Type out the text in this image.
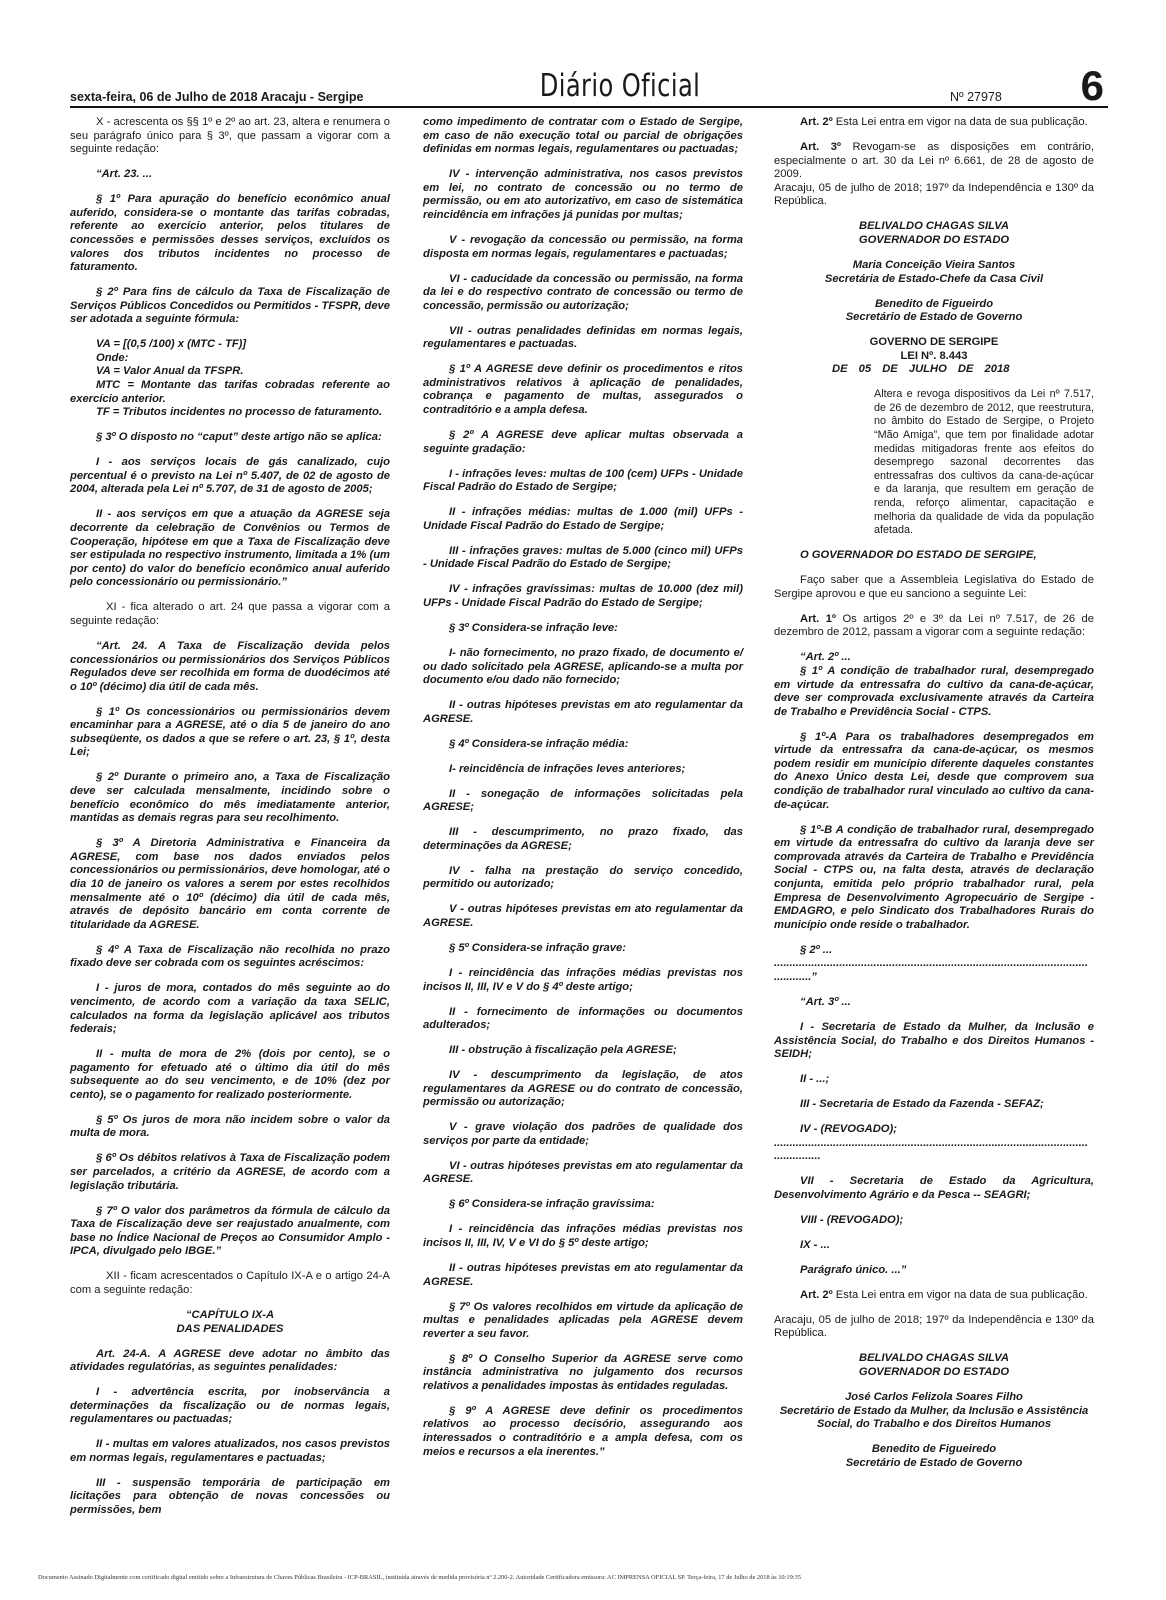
sexta-feira, 06 de Julho de 2018 Aracaju - Sergipe	Diário Oficial	Nº 27978 6

X - acrescenta os §§ 1º e 2º ao art. 23, altera e renumera o seu parágrafo único para § 3º, que passam a vigorar com a seguinte redação:

“Art. 23. ...

§ 1º Para apuração do benefício econômico anual auferido, considera-se o montante das tarifas cobradas, referente ao exercício anterior, pelos titulares de concessões e permissões desses serviços, excluídos os valores dos tributos incidentes no processo de faturamento.

§ 2º Para fins de cálculo da Taxa de Fiscalização de Serviços Públicos Concedidos ou Permitidos - TFSPR, deve ser adotada a seguinte fórmula:

VA = [(0,5 /100) x (MTC - TF)]

Onde:

VA = Valor Anual da TFSPR.

MTC = Montante das tarifas cobradas referente ao exercício anterior.

TF = Tributos incidentes no processo de faturamento.

§ 3º O disposto no “caput” deste artigo não se aplica:

I - aos serviços locais de gás canalizado, cujo percentual é o previsto na Lei nº 5.407, de 02 de agosto de 2004, alterada pela Lei nº 5.707, de 31 de agosto de 2005;

II - aos serviços em que a atuação da AGRESE seja decorrente da celebração de Convênios ou Termos de Cooperação, hipótese em que a Taxa de Fiscalização deve ser estipulada no respectivo instrumento, limitada a 1% (um por cento) do valor do benefício econômico anual auferido pelo concessionário ou permissionário.”

XI - fica alterado o art. 24 que passa a vigorar com a seguinte redação:

“Art. 24. A Taxa de Fiscalização devida pelos concessionários ou permissionários dos Serviços Públicos Regulados deve ser recolhida em forma de duodécimos até o 10º (décimo) dia útil de cada mês.

§ 1º Os concessionários ou permissionários devem encaminhar para a AGRESE, até o dia 5 de janeiro do ano subseqüente, os dados a que se refere o art. 23, § 1º, desta Lei;

§ 2º Durante o primeiro ano, a Taxa de Fiscalização deve ser calculada mensalmente, incidindo sobre o benefício econômico do mês imediatamente anterior, mantidas as demais regras para seu recolhimento.

§ 3º A Diretoria Administrativa e Financeira da AGRESE, com base nos dados enviados pelos concessionários ou permissionários, deve homologar, até o dia 10 de janeiro os valores a serem por estes recolhidos mensalmente até o 10º (décimo) dia útil de cada mês, através de depósito bancário em conta corrente de titularidade da AGRESE.

§ 4º A Taxa de Fiscalização não recolhida no prazo fixado deve ser cobrada com os seguintes acréscimos:

I - juros de mora, contados do mês seguinte ao do vencimento, de acordo com a variação da taxa SELIC, calculados na forma da legislação aplicável aos tributos federais;

II - multa de mora de 2% (dois por cento), se o pagamento for efetuado até o último dia útil do mês subsequente ao do seu vencimento, e de 10% (dez por cento), se o pagamento for realizado posteriormente.

§ 5º Os juros de mora não incidem sobre o valor da multa de mora.

§ 6º Os débitos relativos à Taxa de Fiscalização podem ser parcelados, a critério da AGRESE, de acordo com a legislação tributária.

§ 7º O valor dos parâmetros da fórmula de cálculo da Taxa de Fiscalização deve ser reajustado anualmente, com base no Índice Nacional de Preços ao Consumidor Amplo - IPCA, divulgado pelo IBGE.”

XII - ficam acrescentados o Capítulo IX-A e o artigo 24-A com a seguinte redação:

“CAPÍTULO IX-A

DAS PENALIDADES

Art. 24-A. A AGRESE deve adotar no âmbito das atividades regulatórias, as seguintes penalidades:

I - advertência escrita, por inobservância a determinações da fiscalização ou de normas legais, regulamentares ou pactuadas;

II - multas em valores atualizados, nos casos previstos em normas legais, regulamentares e pactuadas;

III - suspensão temporária de participação em licitações para obtenção de novas concessões ou permissões, bem

como impedimento de contratar com o Estado de Sergipe, em caso de não execução total ou parcial de obrigações definidas em normas legais, regulamentares ou pactuadas;

IV - intervenção administrativa, nos casos previstos em lei, no contrato de concessão ou no termo de permissão, ou em ato autorizativo, em caso de sistemática reincidência em infrações já punidas por multas;

V - revogação da concessão ou permissão, na forma disposta em normas legais, regulamentares e pactuadas;

VI - caducidade da concessão ou permissão, na forma da lei e do respectivo contrato de concessão ou termo de concessão, permissão ou autorização;

VII - outras penalidades definidas em normas legais, regulamentares e pactuadas.

§ 1º A AGRESE deve definir os procedimentos e ritos administrativos relativos à aplicação de penalidades, cobrança e pagamento de multas, assegurados o contraditório e a ampla defesa.

§ 2º A AGRESE deve aplicar multas observada a seguinte gradação:

I - infrações leves: multas de 100 (cem) UFPs - Unidade Fiscal Padrão do Estado de Sergipe;

II - infrações médias: multas de 1.000 (mil) UFPs - Unidade Fiscal Padrão do Estado de Sergipe;

III - infrações graves: multas de 5.000 (cinco mil) UFPs - Unidade Fiscal Padrão do Estado de Sergipe;

IV - infrações gravíssimas: multas de 10.000 (dez mil) UFPs - Unidade Fiscal Padrão do Estado de Sergipe;

§ 3º Considera-se infração leve:

I- não fornecimento, no prazo fixado, de documento e/ ou dado solicitado pela AGRESE, aplicando-se a multa por documento e/ou dado não fornecido;

II - outras hipóteses previstas em ato regulamentar da AGRESE.

§ 4º Considera-se infração média:

I- reincidência de infrações leves anteriores;

II - sonegação de informações solicitadas pela AGRESE;

III - descumprimento, no prazo fixado, das determinações da AGRESE;

IV - falha na prestação do serviço concedido, permitido ou autorizado;

V - outras hipóteses previstas em ato regulamentar da AGRESE.

§ 5º Considera-se infração grave:

I - reincidência das infrações médias previstas nos incisos II, III, IV e V do § 4º deste artigo;

II - fornecimento de informações ou documentos adulterados;

III - obstrução à fiscalização pela AGRESE;

IV - descumprimento da legislação, de atos regulamentares da AGRESE ou do contrato de concessão, permissão ou autorização;

V - grave violação dos padrões de qualidade dos serviços por parte da entidade;

VI - outras hipóteses previstas em ato regulamentar da AGRESE.

§ 6º Considera-se infração gravíssima:

I - reincidência das infrações médias previstas nos incisos II, III, IV, V e VI do § 5º deste artigo;

II - outras hipóteses previstas em ato regulamentar da AGRESE.

§ 7º Os valores recolhidos em virtude da aplicação de multas e penalidades aplicadas pela AGRESE devem reverter a seu favor.

§ 8º O Conselho Superior da AGRESE serve como instância administrativa no julgamento dos recursos relativos a penalidades impostas às entidades reguladas.

§ 9º A AGRESE deve definir os procedimentos relativos ao processo decisório, assegurando aos interessados o contraditório e a ampla defesa, com os meios e recursos a ela inerentes.”

Art. 2º Esta Lei entra em vigor na data de sua publicação.

Art. 3º Revogam-se as disposições em contrário, especialmente o art. 30 da Lei nº 6.661, de 28 de agosto de 2009.

Aracaju, 05 de julho de 2018; 197º da Independência e 130º da República.

BELIVALDO CHAGAS SILVA

GOVERNADOR DO ESTADO

Maria Conceição Vieira Santos

Secretária de Estado-Chefe da Casa Civil

Benedito de Figueirdo

Secretário de Estado de Governo

GOVERNO DE SERGIPE

LEI Nº. 8.443

DE 05 DE JULHO DE 2018

Altera e revoga dispositivos da Lei nº 7.517, de 26 de dezembro de 2012, que reestrutura, no âmbito do Estado de Sergipe, o Projeto “Mão Amiga”, que tem por finalidade adotar medidas mitigadoras frente aos efeitos do desemprego sazonal decorrentes das entressafras dos cultivos da cana-de-açúcar e da laranja, que resultem em geração de renda, reforço alimentar, capacitação e melhoria da qualidade de vida da população afetada.

O GOVERNADOR DO ESTADO DE SERGIPE,

Faço saber que a Assembleia Legislativa do Estado de Sergipe aprovou e que eu sanciono a seguinte Lei:

Art. 1º Os artigos 2º e 3º da Lei nº 7.517, de 26 de dezembro de 2012, passam a vigorar com a seguinte redação:

“Art. 2º ...

§ 1º A condição de trabalhador rural, desempregado em virtude da entressafra do cultivo da cana-de-açúcar, deve ser comprovada exclusivamente através da Carteira de Trabalho e Previdência Social - CTPS.

§ 1º-A Para os trabalhadores desempregados em virtude da entressafra da cana-de-açúcar, os mesmos podem residir em município diferente daqueles constantes do Anexo Único desta Lei, desde que comprovem sua condição de trabalhador rural vinculado ao cultivo da cana-de-açúcar.

§ 1º-B A condição de trabalhador rural, desempregado em virtude da entressafra do cultivo da laranja deve ser comprovada através da Carteira de Trabalho e Previdência Social - CTPS ou, na falta desta, através de declaração conjunta, emitida pelo próprio trabalhador rural, pela Empresa de Desenvolvimento Agropecuário de Sergipe - EMDAGRO, e pelo Sindicato dos Trabalhadores Rurais do município onde reside o trabalhador.

§ 2º ...

.....................................................................................................

............”

“Art. 3º ...

I - Secretaria de Estado da Mulher, da Inclusão e Assistência Social, do Trabalho e dos Direitos Humanos - SEIDH;

II - ...;

III - Secretaria de Estado da Fazenda - SEFAZ;

IV - (REVOGADO);

.....................................................................................................

...............

VII - Secretaria de Estado da Agricultura, Desenvolvimento Agrário e da Pesca -- SEAGRI;

VIII - (REVOGADO);

IX - ...

Parágrafo único. ...”

Art. 2º Esta Lei entra em vigor na data de sua publicação.

Aracaju, 05 de julho de 2018; 197º da Independência e 130º da República.

BELIVALDO CHAGAS SILVA

GOVERNADOR DO ESTADO

José Carlos Felizola Soares Filho

Secretário de Estado da Mulher, da Inclusão e Assistência Social, do Trabalho e dos Direitos Humanos

Benedito de Figueiredo

Secretário de Estado de Governo

Documento Assinado Digitalmente com certificado digital emitido sobre a Infraestrutura de Chaves Públicas Brasileira - ICP-BRASIL, instituída através de medida provisória nº 2.200-2. Autoridade Certificadora emissora: AC IMPRENSA OFICIAL SP. Terça-feira, 17 de Julho de 2018 às 10:19:35
